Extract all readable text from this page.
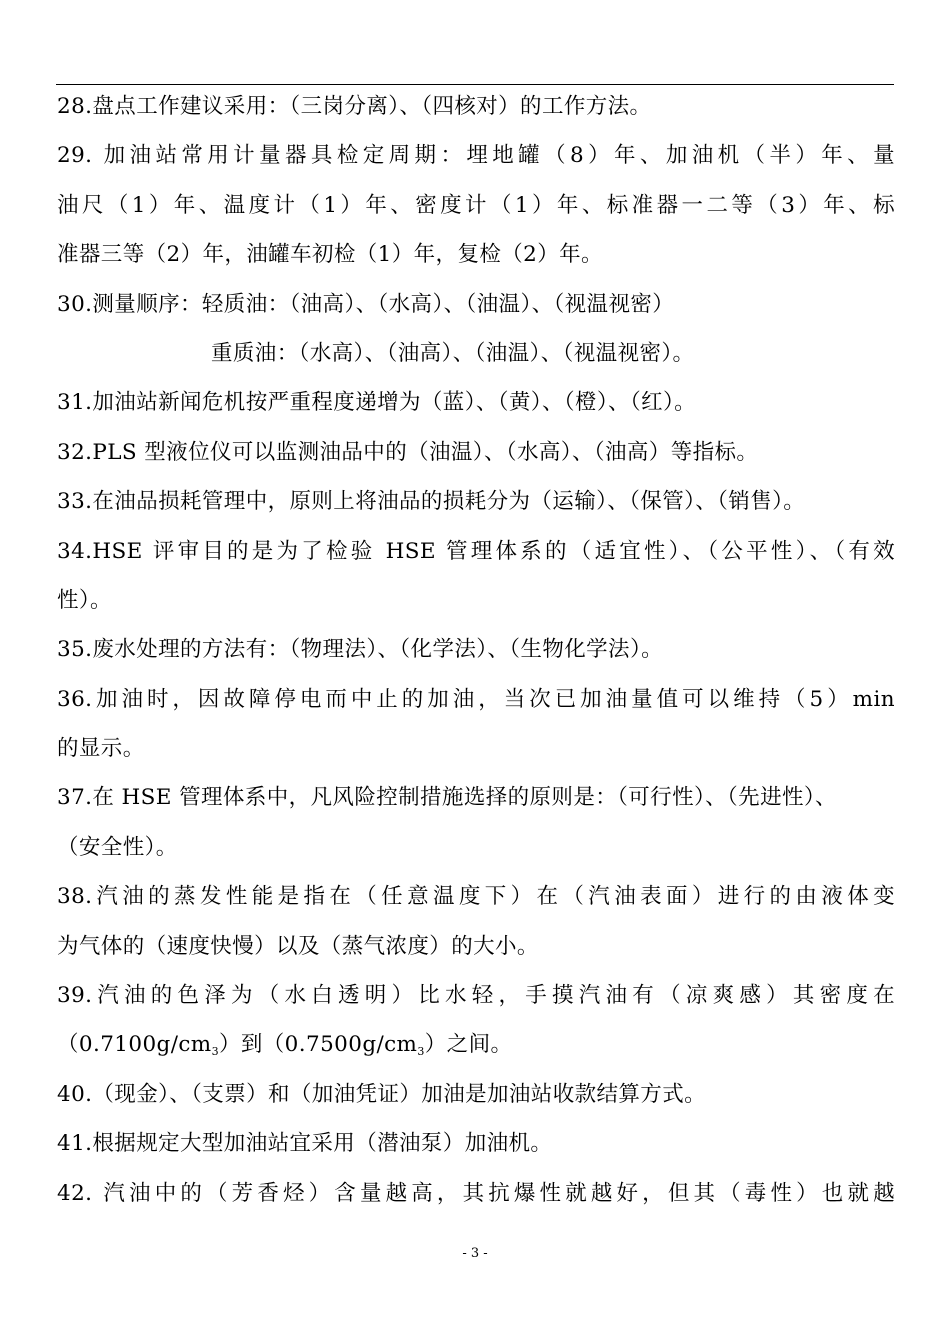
28.盘点工作建议采用：（三岗分离）、（四核对）的工作方法。
29. 加油站常用计量器具检定周期：埋地罐（8）年、加油机（半）年、量
油尺（1）年、温度计（1）年、密度计（1）年、标准器一二等（3）年、标
准器三等（2）年，油罐车初检（1）年，复检（2）年。
30.测量顺序：轻质油：（油高）、（水高）、（油温）、（视温视密）
重质油：（水高）、（油高）、（油温）、（视温视密）。
31.加油站新闻危机按严重程度递增为（蓝）、（黄）、（橙）、（红）。
32.PLS 型液位仪可以监测油品中的（油温）、（水高）、（油高）等指标。
33.在油品损耗管理中，原则上将油品的损耗分为（运输）、（保管）、（销售）。
34.HSE 评审目的是为了检验 HSE 管理体系的（适宜性）、（公平性）、（有效
性）。
35.废水处理的方法有：（物理法）、（化学法）、（生物化学法）。
36.加油时，因故障停电而中止的加油，当次已加油量值可以维持（5）min
的显示。
37.在 HSE 管理体系中，凡风险控制措施选择的原则是：（可行性）、（先进性）、
（安全性）。
38.汽油的蒸发性能是指在（任意温度下）在（汽油表面）进行的由液体变
为气体的（速度快慢）以及（蒸气浓度）的大小。
39.汽油的色泽为（水白透明）比水轻，手摸汽油有（凉爽感）其密度在
$(0.7100g/cm^3)$到$(0.7500g/cm^3)$之间。
40.（现金）、（支票）和（加油凭证）加油是加油站收款结算方式。
41.根据规定大型加油站宜采用（潜油泵）加油机。
42. 汽油中的（芳香烃）含量越高，其抗爆性就越好，但其（毒性）也就越
- 3 -
